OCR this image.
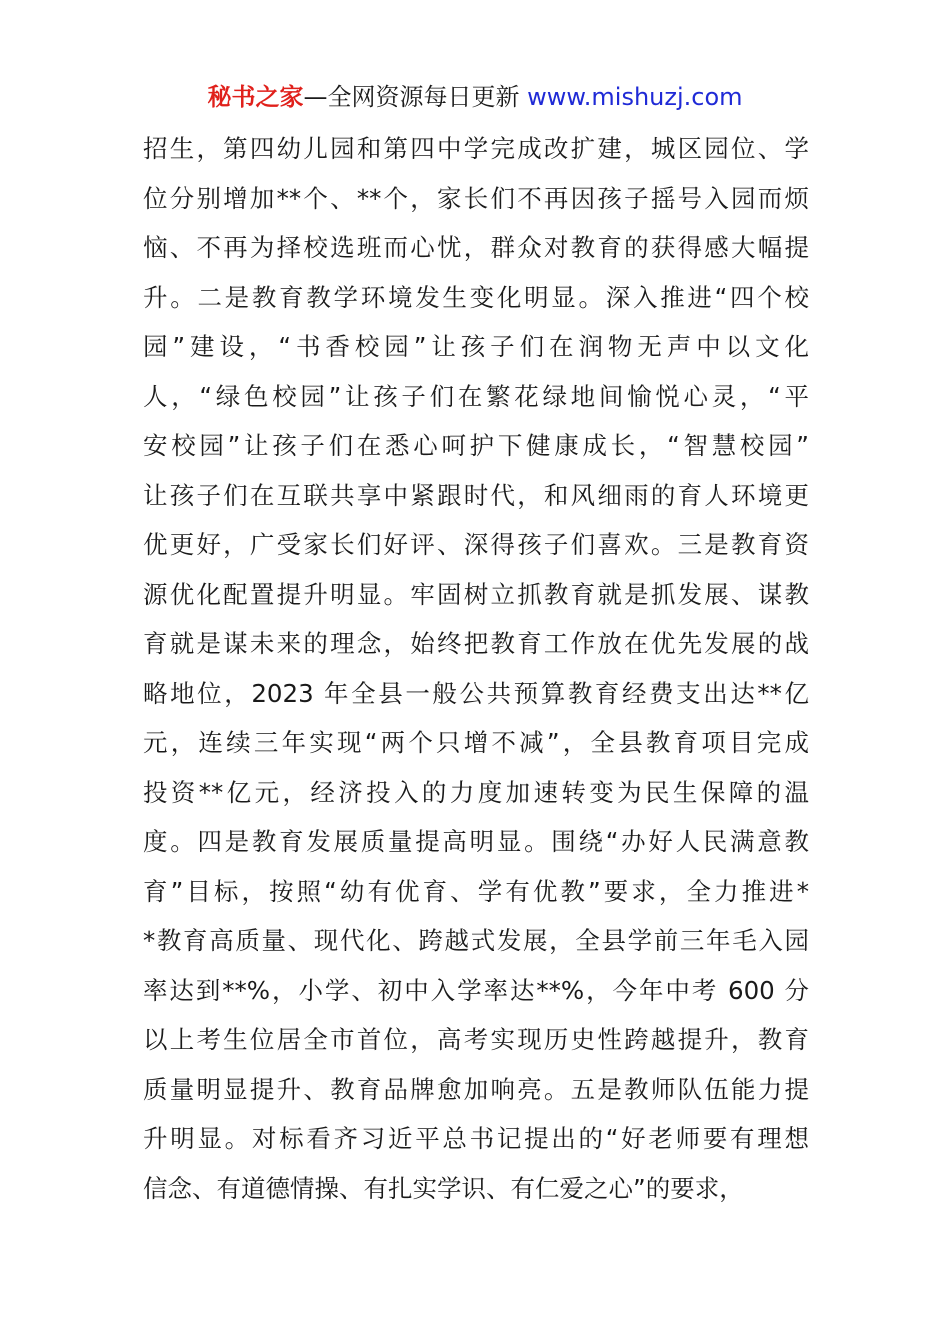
秘书之家—全网资源每日更新 www.mishuzj.com
招生，第四幼儿园和第四中学完成改扩建，城区园位、学
位分别增加**个、**个，家长们不再因孩子摇号入园而烦
恼、不再为择校选班而心忧，群众对教育的获得感大幅提
升。二是教育教学环境发生变化明显。深入推进“四个校
园”建设，“书香校园”让孩子们在润物无声中以文化
人，“绿色校园”让孩子们在繁花绿地间愉悦心灵，“平
安校园”让孩子们在悉心呵护下健康成长，“智慧校园”
让孩子们在互联共享中紧跟时代，和风细雨的育人环境更
优更好，广受家长们好评、深得孩子们喜欢。三是教育资
源优化配置提升明显。牢固树立抓教育就是抓发展、谋教
育就是谋未来的理念，始终把教育工作放在优先发展的战
略地位，2023 年全县一般公共预算教育经费支出达**亿
元，连续三年实现“两个只增不减”，全县教育项目完成
投资**亿元，经济投入的力度加速转变为民生保障的温
度。四是教育发展质量提高明显。围绕“办好人民满意教
育”目标，按照“幼有优育、学有优教”要求，全力推进*
*教育高质量、现代化、跨越式发展，全县学前三年毛入园
率达到**%，小学、初中入学率达**%，今年中考 600 分
以上考生位居全市首位，高考实现历史性跨越提升，教育
质量明显提升、教育品牌愈加响亮。五是教师队伍能力提
升明显。对标看齐习近平总书记提出的“好老师要有理想
信念、有道德情操、有扎实学识、有仁爱之心”的要求，
